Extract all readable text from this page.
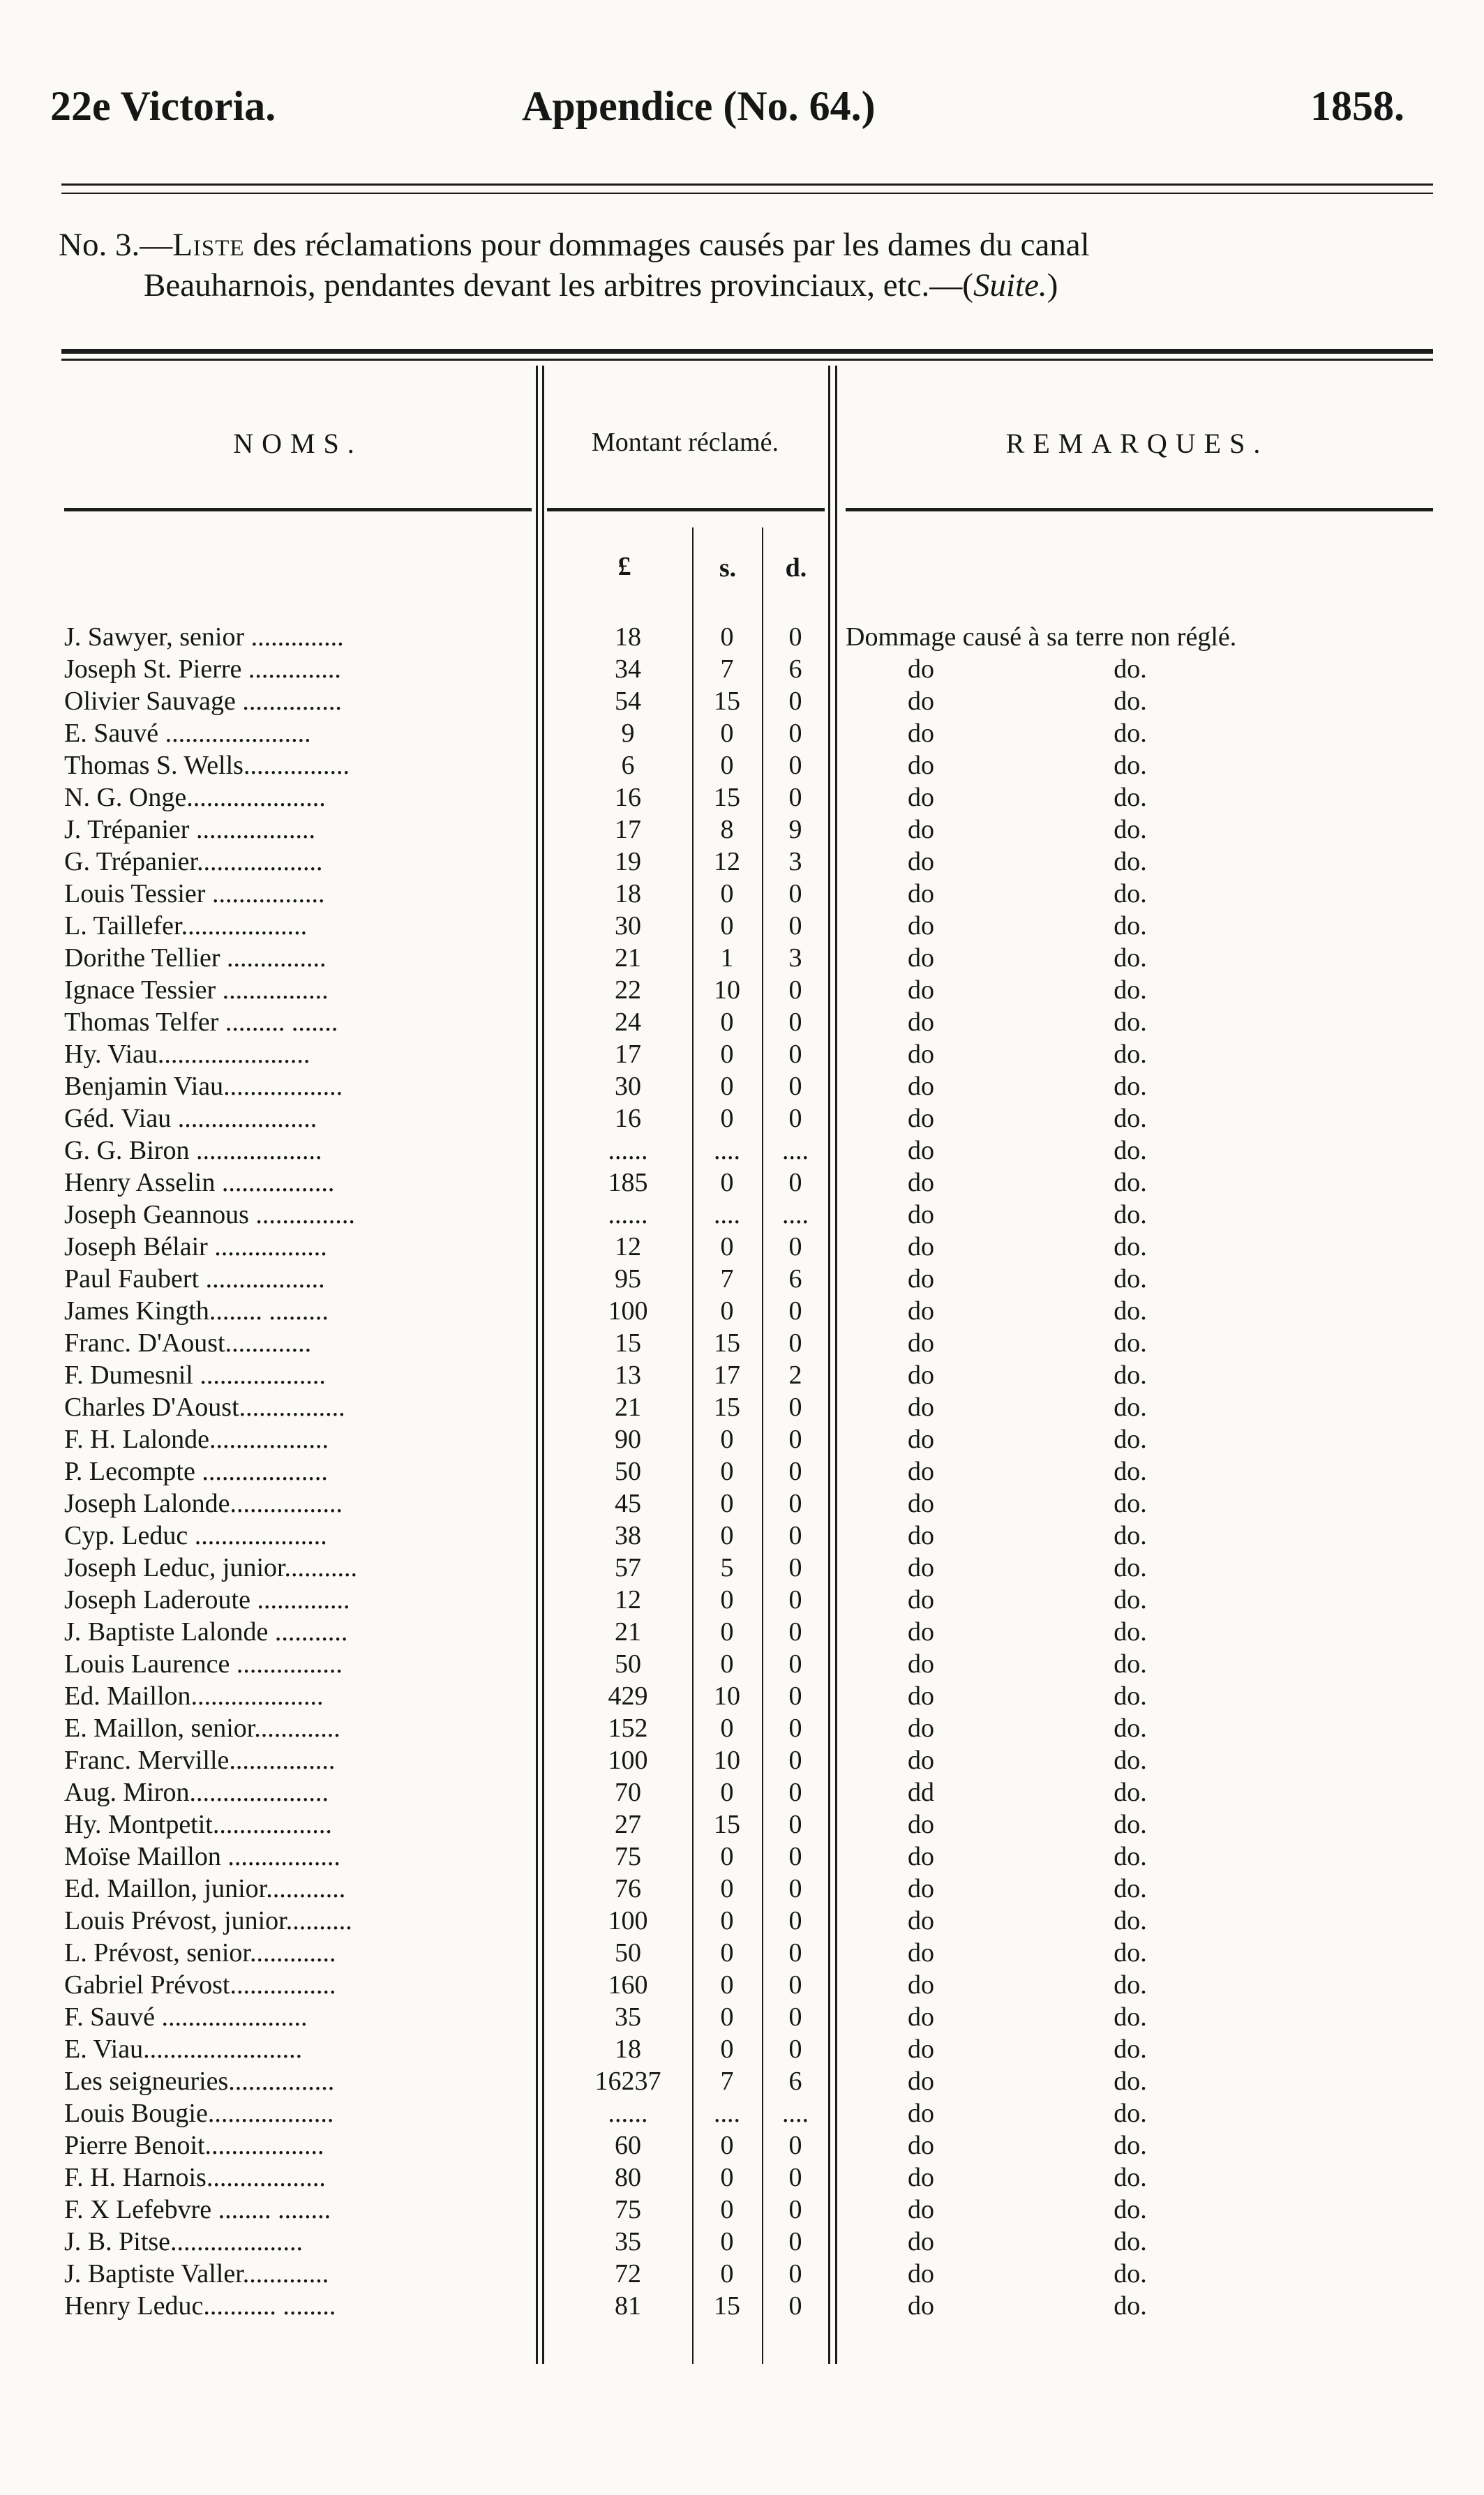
22e Victoria.	Appendice (No. 64.)	1858.
No. 3.—Liste des réclamations pour dommages causés par les dames du canal
Beauharnois, pendantes devant les arbitres provinciaux, etc.—(Suite.)
NOMS.	Montant réclamé.	REMARQUES.
£	s.	d.
J. Sawyer, senior ..............	18	0	0	Dommage causé à sa terre non réglé.
Joseph St. Pierre ..............	34	7	6	do	do.
Olivier Sauvage ...............	54	15	0	do	do.
E. Sauvé ......................	9	0	0	do	do.
Thomas S. Wells................	6	0	0	do	do.
N. G. Onge.....................	16	15	0	do	do.
J. Trépanier ..................	17	8	9	do	do.
G. Trépanier...................	19	12	3	do	do.
Louis Tessier .................	18	0	0	do	do.
L. Taillefer...................	30	0	0	do	do.
Dorithe Tellier ...............	21	1	3	do	do.
Ignace Tessier ................	22	10	0	do	do.
Thomas Telfer ......... .......	24	0	0	do	do.
Hy. Viau.......................	17	0	0	do	do.
Benjamin Viau..................	30	0	0	do	do.
Géd. Viau .....................	16	0	0	do	do.
G. G. Biron ...................	......	....	....	do	do.
Henry Asselin .................	185	0	0	do	do.
Joseph Geannous ...............	......	....	....	do	do.
Joseph Bélair .................	12	0	0	do	do.
Paul Faubert ..................	95	7	6	do	do.
James Kingth........ .........	100	0	0	do	do.
Franc. D'Aoust.............	15	15	0	do	do.
F. Dumesnil ...................	13	17	2	do	do.
Charles D'Aoust................	21	15	0	do	do.
F. H. Lalonde..................	90	0	0	do	do.
P. Lecompte ...................	50	0	0	do	do.
Joseph Lalonde.................	45	0	0	do	do.
Cyp. Leduc ....................	38	0	0	do	do.
Joseph Leduc, junior...........	57	5	0	do	do.
Joseph Laderoute ..............	12	0	0	do	do.
J. Baptiste Lalonde ...........	21	0	0	do	do.
Louis Laurence ................	50	0	0	do	do.
Ed. Maillon....................	429	10	0	do	do.
E. Maillon, senior.............	152	0	0	do	do.
Franc. Merville................	100	10	0	do	do.
Aug. Miron.....................	70	0	0	dd	do.
Hy. Montpetit..................	27	15	0	do	do.
Moïse Maillon .................	75	0	0	do	do.
Ed. Maillon, junior............	76	0	0	do	do.
Louis Prévost, junior..........	100	0	0	do	do.
L. Prévost, senior.............	50	0	0	do	do.
Gabriel Prévost................	160	0	0	do	do.
F. Sauvé ......................	35	0	0	do	do.
E. Viau........................	18	0	0	do	do.
Les seigneuries................	16237	7	6	do	do.
Louis Bougie...................	......	....	....	do	do.
Pierre Benoit..................	60	0	0	do	do.
F. H. Harnois..................	80	0	0	do	do.
F. X Lefebvre ........ ........	75	0	0	do	do.
J. B. Pitse....................	35	0	0	do	do.
J. Baptiste Valler.............	72	0	0	do	do.
Henry Leduc........... ........	81	15	0	do	do.
